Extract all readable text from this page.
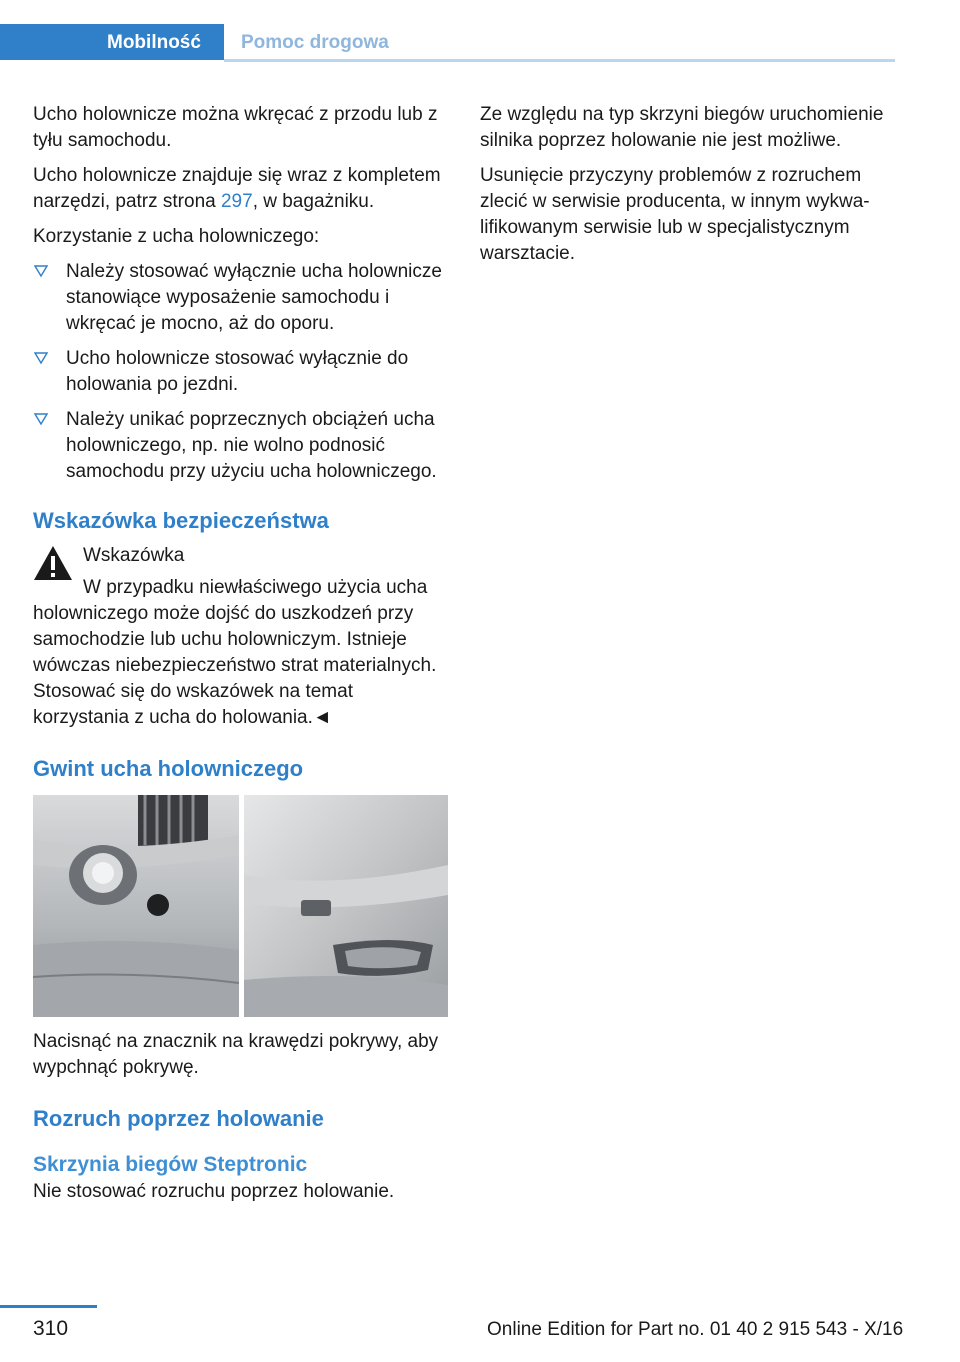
Mobilność	Pomoc drogowa

Ucho holownicze można wkręcać z przodu lub z tyłu samochodu.

Ucho holownicze znajduje się wraz z kompletem narzędzi, patrz strona 297, w bagażniku.

Korzystanie z ucha holowniczego:

Należy stosować wyłącznie ucha holownicze stanowiące wyposażenie samochodu i wkręcać je mocno, aż do oporu.
Ucho holownicze stosować wyłącznie do holowania po jezdni.
Należy unikać poprzecznych obciążeń ucha holowniczego, np. nie wolno podnosić samochodu przy użyciu ucha holowniczego.
Wskazówka bezpieczeństwa
Wskazówka
W przypadku niewłaściwego użycia ucha
holowniczego może dojść do uszkodzeń przy samochodzie lub uchu holowniczym. Istnieje wówczas niebezpieczeństwo strat materialnych. Stosować się do wskazówek na temat korzystania z ucha do holowania.◄
Gwint ucha holowniczego

Nacisnąć na znacznik na krawędzi pokrywy, aby wypchnąć pokrywę.

Rozruch poprzez holowanie
Skrzynia biegów Steptronic

Nie stosować rozruchu poprzez holowanie.

Ze względu na typ skrzyni biegów uruchomienie silnika poprzez holowanie nie jest możliwe.

Usunięcie przyczyny problemów z rozruchem zlecić w serwisie producenta, w innym wykwalifikowanym serwisie lub w specjalistycznym warsztacie.

310	Online Edition for Part no. 01 40 2 915 543 - X/16
